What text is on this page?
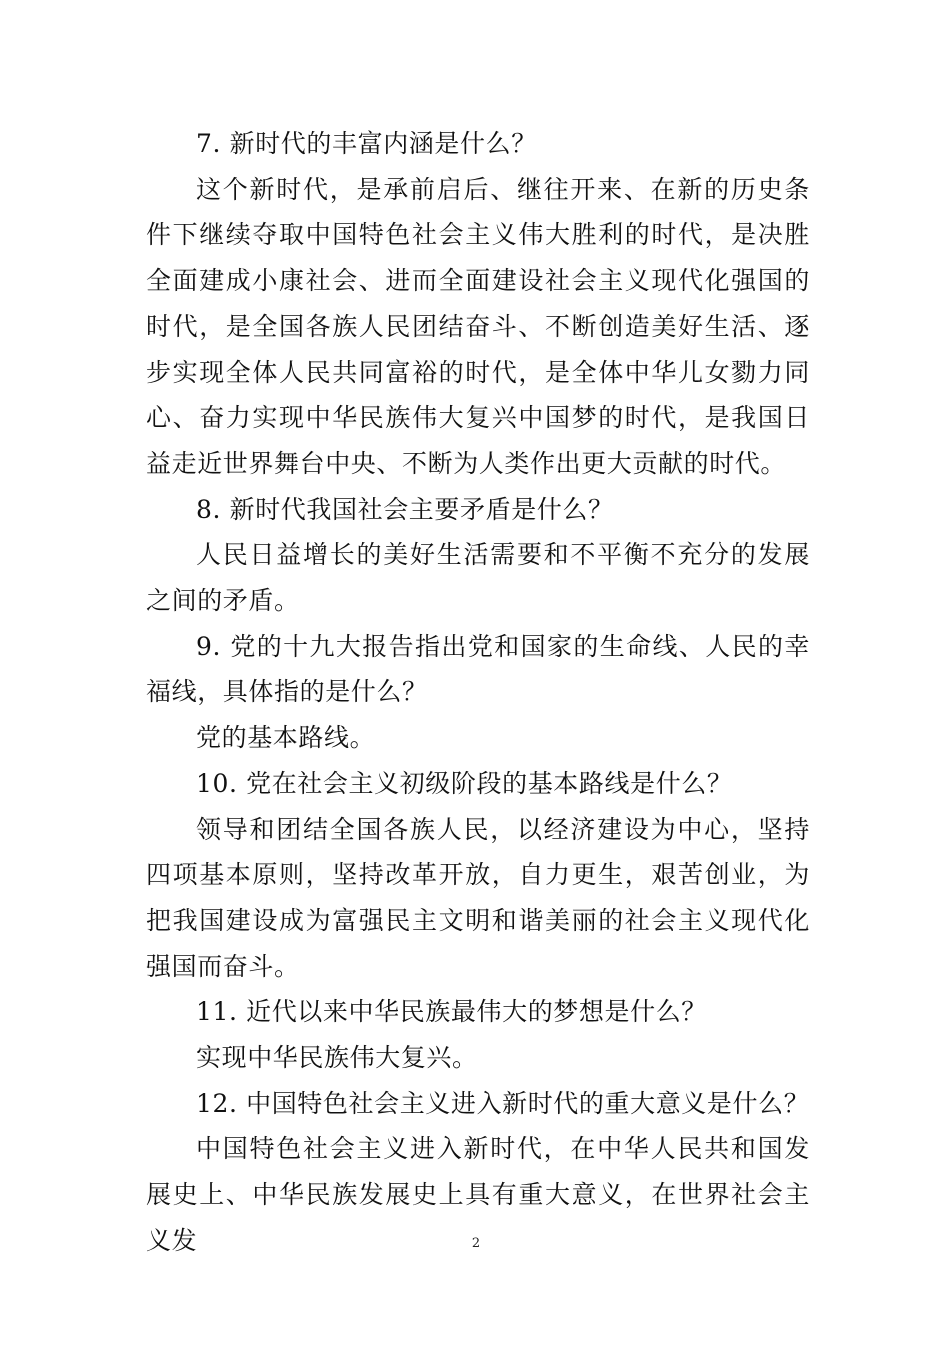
7. 新时代的丰富内涵是什么？

这个新时代，是承前启后、继往开来、在新的历史条件下继续夺取中国特色社会主义伟大胜利的时代，是决胜全面建成小康社会、进而全面建设社会主义现代化强国的时代，是全国各族人民团结奋斗、不断创造美好生活、逐步实现全体人民共同富裕的时代，是全体中华儿女勠力同心、奋力实现中华民族伟大复兴中国梦的时代，是我国日益走近世界舞台中央、不断为人类作出更大贡献的时代。

8. 新时代我国社会主要矛盾是什么？

人民日益增长的美好生活需要和不平衡不充分的发展之间的矛盾。

9. 党的十九大报告指出党和国家的生命线、人民的幸福线，具体指的是什么？

党的基本路线。

10. 党在社会主义初级阶段的基本路线是什么？

领导和团结全国各族人民，以经济建设为中心，坚持四项基本原则，坚持改革开放，自力更生，艰苦创业，为把我国建设成为富强民主文明和谐美丽的社会主义现代化强国而奋斗。

11. 近代以来中华民族最伟大的梦想是什么？

实现中华民族伟大复兴。

12. 中国特色社会主义进入新时代的重大意义是什么？

中国特色社会主义进入新时代，在中华人民共和国发展史上、中华民族发展史上具有重大意义，在世界社会主义发	2
